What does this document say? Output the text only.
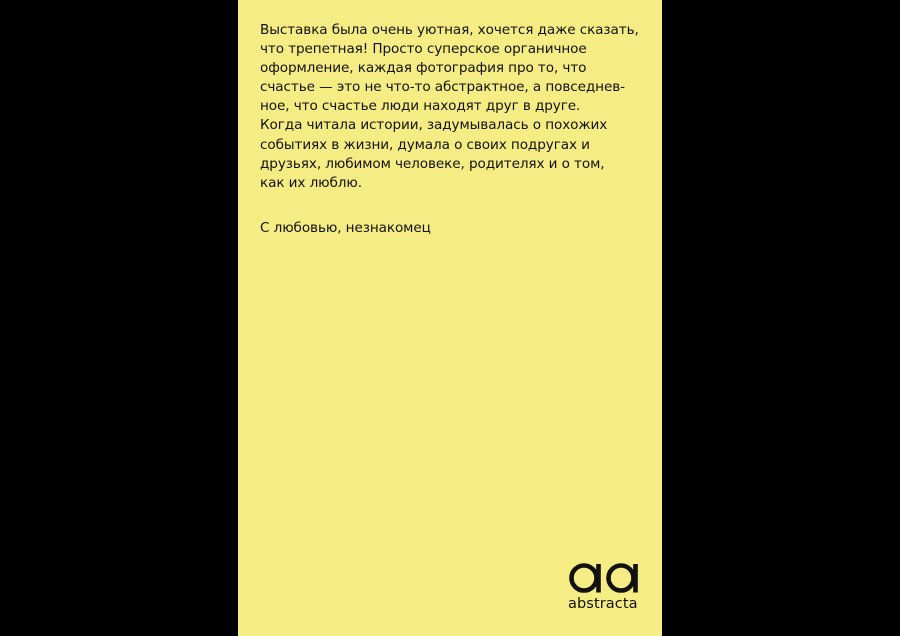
Выставка была очень уютная, хочется даже сказать,
что трепетная! Просто суперское органичное
оформление, каждая фотография про то, что
счастье — это не что-то абстрактное, а повседнев-
ное, что счастье люди находят друг в друге.
Когда читала истории, задумывалась о похожих
событиях в жизни, думала о своих подругах и
друзьях, любимом человеке, родителях и о том,
как их люблю.

С любовью, незнакомец

abstracta
